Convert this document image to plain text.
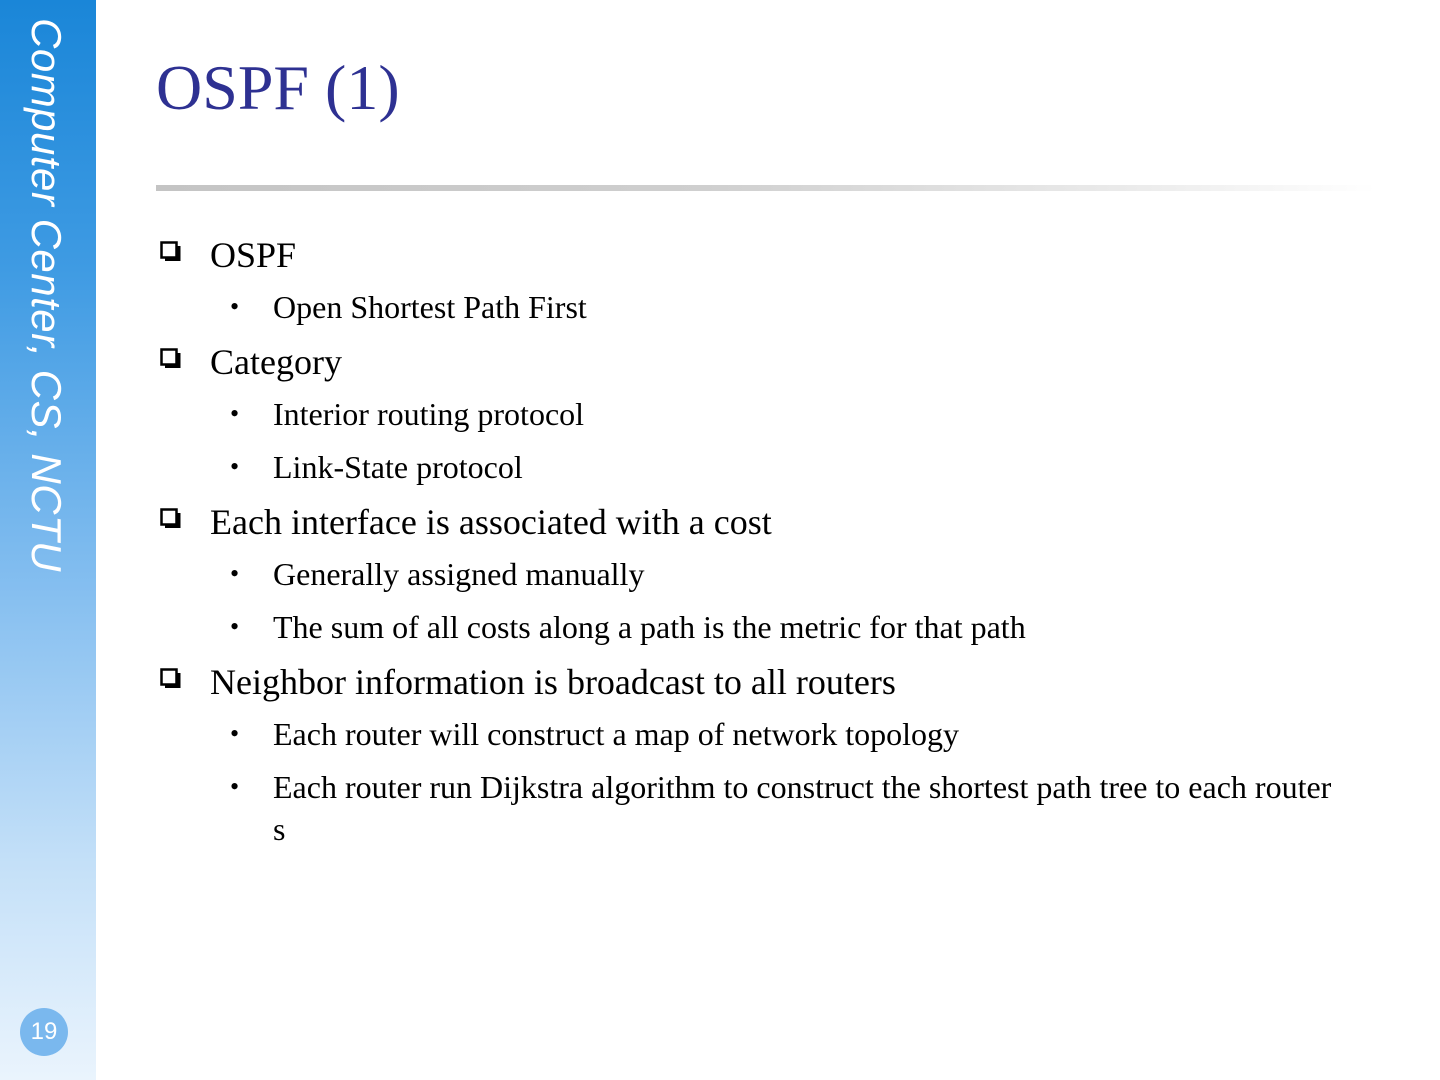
Computer Center, CS, NCTU
19
OSPF (1)
OSPF
• Open Shortest Path First
Category
• Interior routing protocol
• Link-State protocol
Each interface is associated with a cost
• Generally assigned manually
• The sum of all costs along a path is the metric for that path
Neighbor information is broadcast to all routers
• Each router will construct a map of network topology
• Each router run Dijkstra algorithm to construct the shortest path tree to each routers
